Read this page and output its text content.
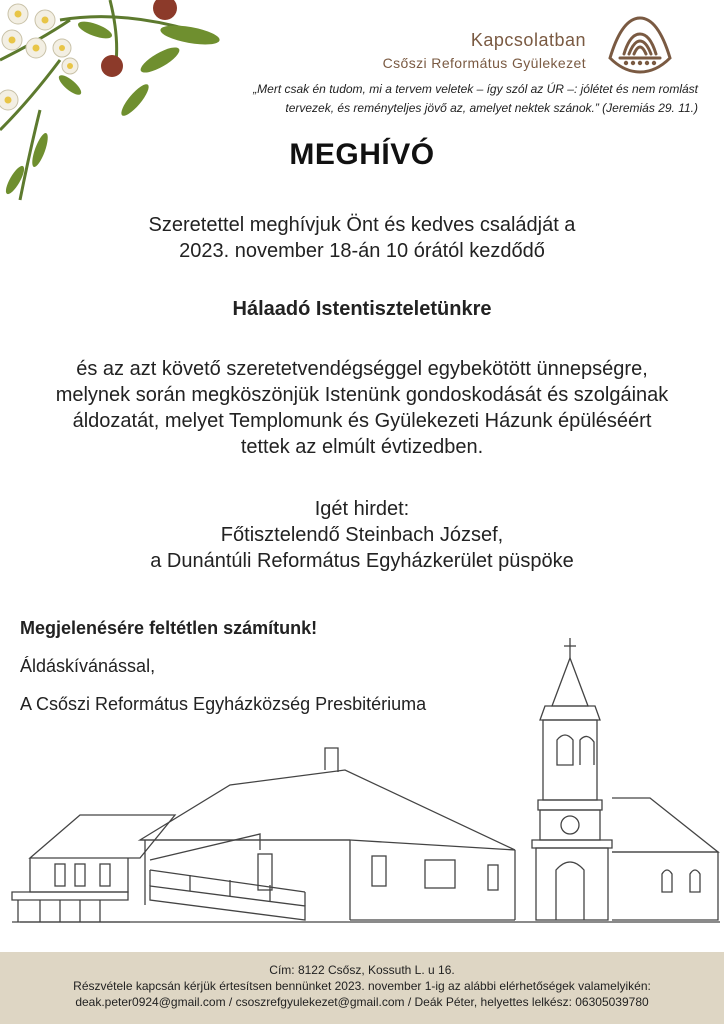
Kapcsolatban
Csőszi Református Gyülekezet
„Mert csak én tudom, mi a tervem veletek – így szól az ÚR –: jólétet és nem romlást
tervezek, és reményteljes jövő az, amelyet nektek szánok.” (Jeremiás 29. 11.)
MEGHÍVÓ
Szeretettel meghívjuk Önt és kedves családját a
2023. november 18-án 10 órától kezdődő
Hálaadó Istentiszteletünkre
és az azt követő szeretetvendégséggel egybekötött ünnepségre,
melynek során megköszönjük Istenünk gondoskodását és szolgáinak
áldozatát, melyet Templomunk és Gyülekezeti Házunk épüléséért
tettek az elmúlt évtizedben.
Igét hirdet:
Főtisztelendő Steinbach József,
a Dunántúli Református Egyházkerület püspöke
Megjelenésére feltétlen számítunk!
Áldáskívánással,
A Csőszi Református Egyházközség Presbitériuma
Cím: 8122 Csősz, Kossuth L. u 16.
Részvétele kapcsán kérjük értesítsen bennünket 2023. november 1-ig az alábbi elérhetőségek valamelyikén:
deak.peter0924@gmail.com / csoszrefgyulekezet@gmail.com / Deák Péter, helyettes lelkész: 06305039780
